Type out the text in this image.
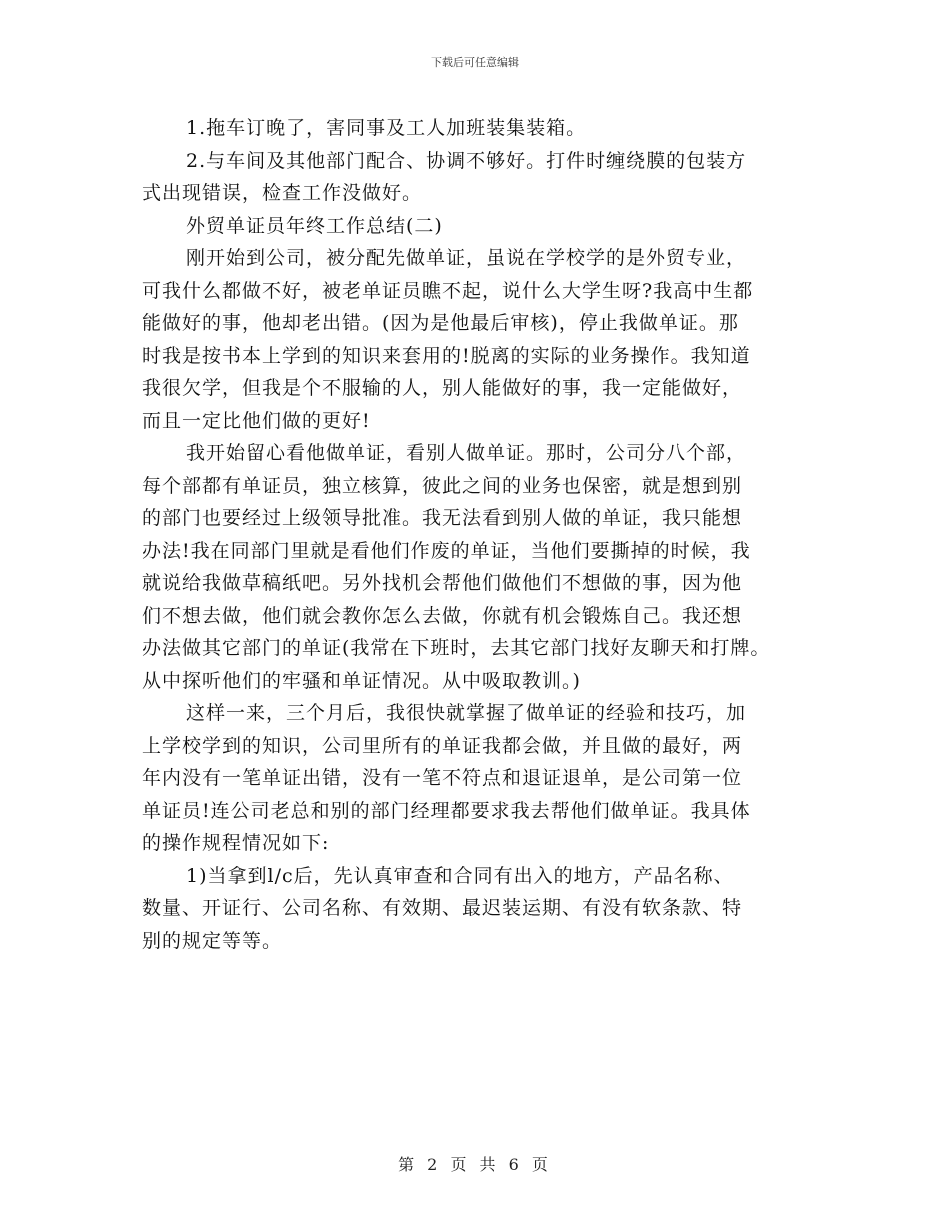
下载后可任意编辑
1.拖车订晚了，害同事及工人加班装集装箱。
2.与车间及其他部门配合、协调不够好。打件时缠绕膜的包装方
式出现错误，检查工作没做好。
外贸单证员年终工作总结(二)
刚开始到公司，被分配先做单证，虽说在学校学的是外贸专业，
可我什么都做不好，被老单证员瞧不起，说什么大学生呀?我高中生都
能做好的事，他却老出错。(因为是他最后审核)，停止我做单证。那
时我是按书本上学到的知识来套用的!脱离的实际的业务操作。我知道
我很欠学，但我是个不服输的人，别人能做好的事，我一定能做好，
而且一定比他们做的更好!
我开始留心看他做单证，看别人做单证。那时，公司分八个部，
每个部都有单证员，独立核算，彼此之间的业务也保密，就是想到别
的部门也要经过上级领导批准。我无法看到别人做的单证，我只能想
办法!我在同部门里就是看他们作废的单证，当他们要撕掉的时候，我
就说给我做草稿纸吧。另外找机会帮他们做他们不想做的事，因为他
们不想去做，他们就会教你怎么去做，你就有机会锻炼自己。我还想
办法做其它部门的单证(我常在下班时，去其它部门找好友聊天和打牌。
从中探听他们的牢骚和单证情况。从中吸取教训。)
这样一来，三个月后，我很快就掌握了做单证的经验和技巧，加
上学校学到的知识，公司里所有的单证我都会做，并且做的最好，两
年内没有一笔单证出错，没有一笔不符点和退证退单，是公司第一位
单证员!连公司老总和别的部门经理都要求我去帮他们做单证。我具体
的操作规程情况如下:
1)当拿到l/c后，先认真审查和合同有出入的地方，产品名称、
数量、开证行、公司名称、有效期、最迟装运期、有没有软条款、特
别的规定等等。
第 2 页 共 6 页
